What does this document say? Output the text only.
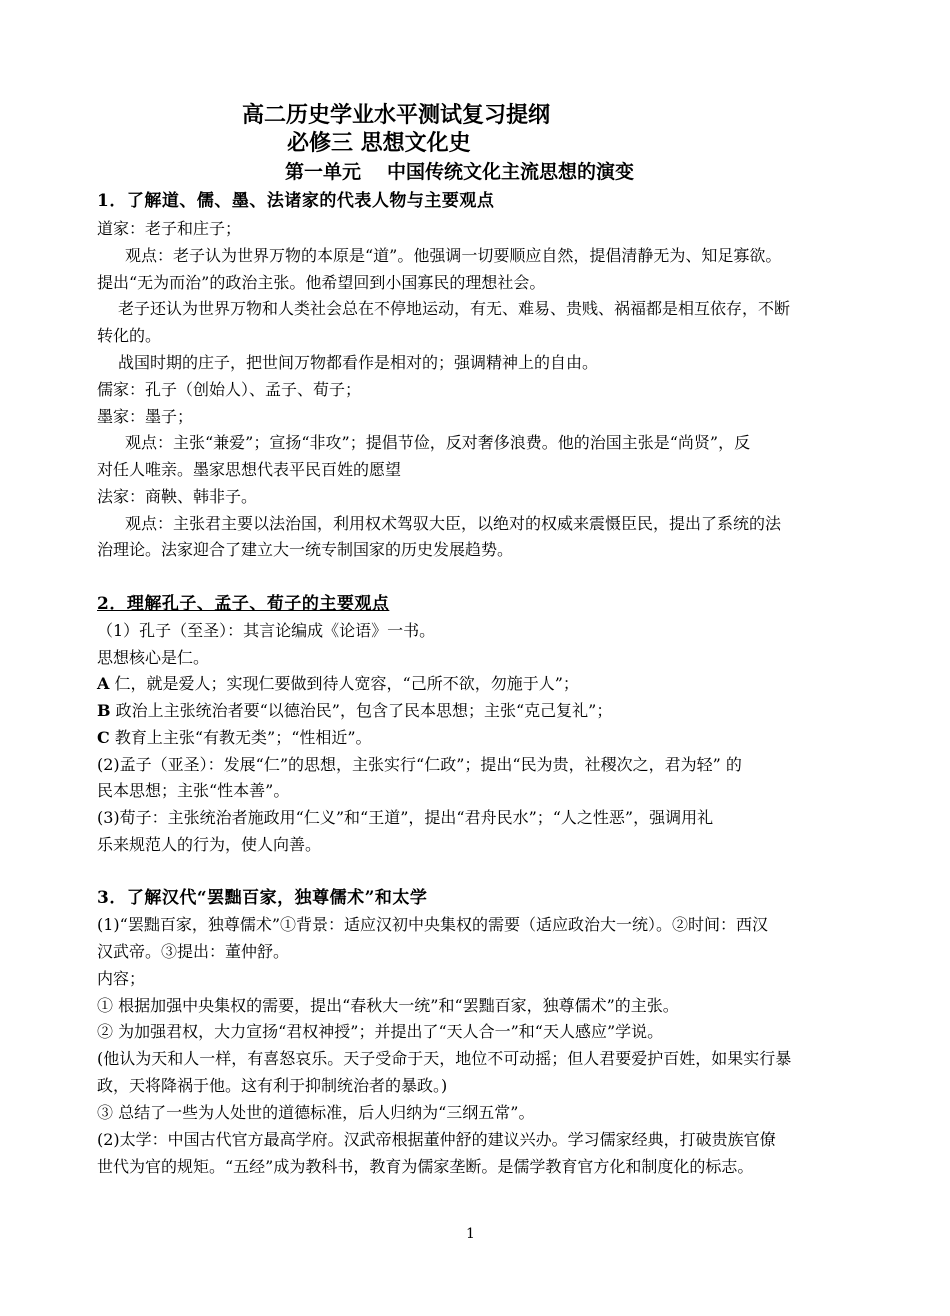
高二历史学业水平测试复习提纲
必修三 思想文化史
第一单元 中国传统文化主流思想的演变
1．了解道、儒、墨、法诸家的代表人物与主要观点
道家：老子和庄子；
观点：老子认为世界万物的本原是“道”。他强调一切要顺应自然，提倡清静无为、知足寡欲。
提出“无为而治”的政治主张。他希望回到小国寡民的理想社会。
老子还认为世界万物和人类社会总在不停地运动，有无、难易、贵贱、祸福都是相互依存，不断
转化的。
战国时期的庄子，把世间万物都看作是相对的；强调精神上的自由。
儒家：孔子（创始人）、孟子、荀子；
墨家：墨子；
观点：主张“兼爱”；宣扬“非攻”；提倡节俭，反对奢侈浪费。他的治国主张是“尚贤”，反
对任人唯亲。墨家思想代表平民百姓的愿望
法家：商鞅、韩非子。
观点：主张君主要以法治国，利用权术驾驭大臣，以绝对的权威来震慑臣民，提出了系统的法
治理论。法家迎合了建立大一统专制国家的历史发展趋势。
2．理解孔子、孟子、荀子的主要观点
（1）孔子（至圣）：其言论编成《论语》一书。
思想核心是仁。
A 仁，就是爱人；实现仁要做到待人宽容，“己所不欲，勿施于人”；
B 政治上主张统治者要“以德治民”，包含了民本思想；主张“克己复礼”；
C 教育上主张“有教无类”；“性相近”。
(2)孟子（亚圣）：发展“仁”的思想，主张实行“仁政”；提出“民为贵，社稷次之，君为轻” 的
民本思想；主张“性本善”。
(3)荀子：主张统治者施政用“仁义”和“王道”，提出“君舟民水”；“人之性恶”，强调用礼
乐来规范人的行为，使人向善。
3．了解汉代“罢黜百家，独尊儒术”和太学
(1)“罢黜百家，独尊儒术”①背景：适应汉初中央集权的需要（适应政治大一统）。②时间：西汉
汉武帝。③提出：董仲舒。
内容；
① 根据加强中央集权的需要，提出“春秋大一统”和“罢黜百家，独尊儒术”的主张。
② 为加强君权，大力宣扬“君权神授”；并提出了“天人合一”和“天人感应”学说。
(他认为天和人一样，有喜怒哀乐。天子受命于天，地位不可动摇；但人君要爱护百姓，如果实行暴
政，天将降祸于他。这有利于抑制统治者的暴政。)
③ 总结了一些为人处世的道德标准，后人归纳为“三纲五常”。
(2)太学：中国古代官方最高学府。汉武帝根据董仲舒的建议兴办。学习儒家经典，打破贵族官僚
世代为官的规矩。“五经”成为教科书，教育为儒家垄断。是儒学教育官方化和制度化的标志。
1
